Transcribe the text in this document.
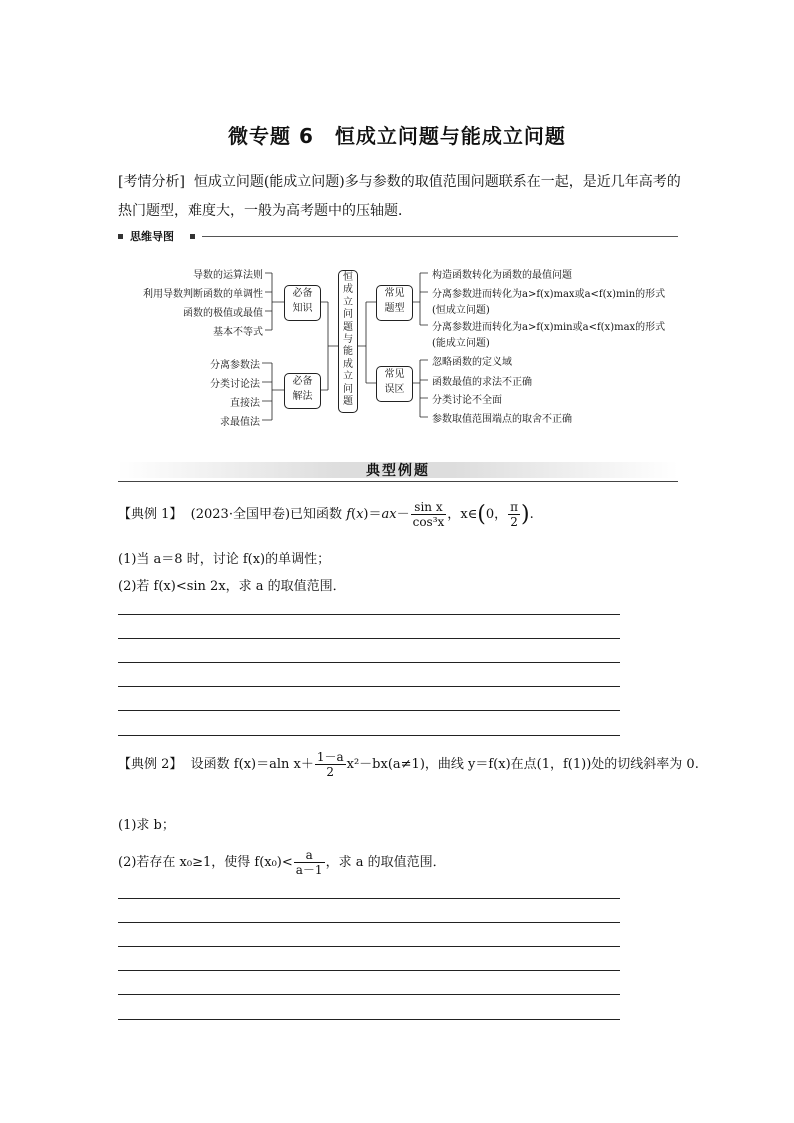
微专题 6　恒成立问题与能成立问题
[考情分析] 恒成立问题(能成立问题)多与参数的取值范围问题联系在一起，是近几年高考的
热门题型，难度大，一般为高考题中的压轴题．
思维导图
导数的运算法则
利用导数判断函数的单调性
函数的极值或最值
基本不等式
分离参数法
分类讨论法
直接法
求最值法
必备
知识
必备
解法
恒
成
立
问
题
与
能
成
立
问
题
常见
题型
常见
误区
构造函数转化为函数的最值问题
分离参数进而转化为a>f(x)max或a<f(x)min的形式
(恒成立问题)
分离参数进而转化为a>f(x)min或a<f(x)max的形式
(能成立问题)
忽略函数的定义域
函数最值的求法不正确
分类讨论不全面
参数取值范围端点的取舍不正确
典型例题
【典例 1】 (2023·全国甲卷)已知函数 $f(x)=ax- \frac{\text{sin x}}{\text{cos³x}}$ ，x∈(0， $\frac{\pi}{2}$ ).
(1)当 a＝8 时，讨论 f(x)的单调性；
(2)若 f(x)<sin 2x，求 a 的取值范围．
【典例 2】 设函数 f(x)＝aln $x+ \frac{1-a}{2} x^2-bx(a\ne 1)$，曲线 y＝f(x)在点(1，f(1))处的切线斜率为 0.
(1)求 b；
(2)若存在 x₀≥1，使得 $f(x_0)< \frac{a}{a-1}$ ，求 a 的取值范围．
